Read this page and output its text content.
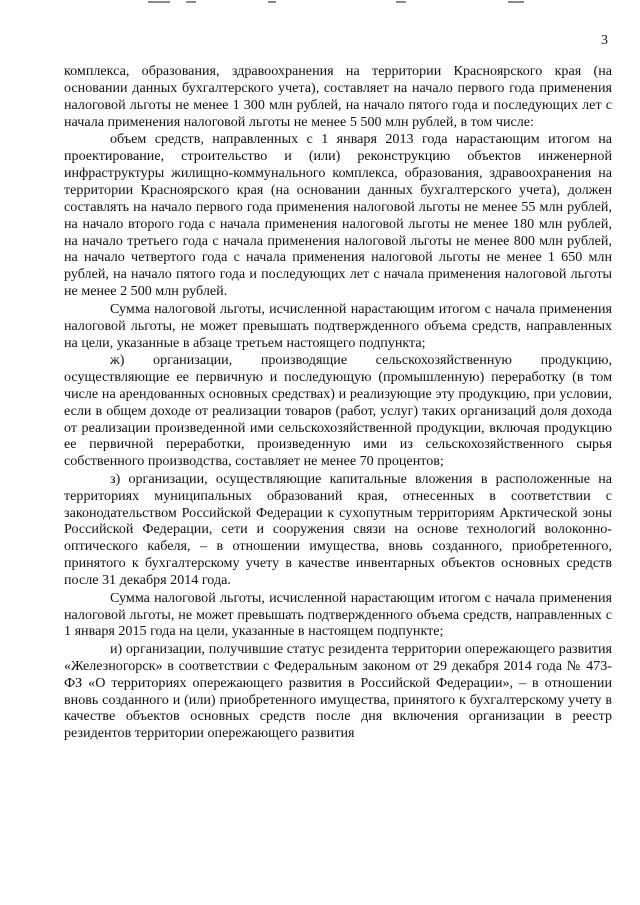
3

комплекса, образования, здравоохранения на территории Красноярского края (на основании данных бухгалтерского учета), составляет на начало первого года применения налоговой льготы не менее 1 300 млн рублей, на начало пятого года и последующих лет с начала применения налоговой льготы не менее 5 500 млн рублей, в том числе:

объем средств, направленных с 1 января 2013 года нарастающим итогом на проектирование, строительство и (или) реконструкцию объектов инженерной инфраструктуры жилищно-коммунального комплекса, образования, здравоохранения на территории Красноярского края (на основании данных бухгалтерского учета), должен составлять на начало первого года применения налоговой льготы не менее 55 млн рублей, на начало второго года с начала применения налоговой льготы не менее 180 млн рублей, на начало третьего года с начала применения налоговой льготы не менее 800 млн рублей, на начало четвертого года с начала применения налоговой льготы не менее 1 650 млн рублей, на начало пятого года и последующих лет с начала применения налоговой льготы не менее 2 500 млн рублей.

Сумма налоговой льготы, исчисленной нарастающим итогом с начала применения налоговой льготы, не может превышать подтвержденного объема средств, направленных на цели, указанные в абзаце третьем настоящего подпункта;

ж) организации, производящие сельскохозяйственную продукцию, осуществляющие ее первичную и последующую (промышленную) переработку (в том числе на арендованных основных средствах) и реализующие эту продукцию, при условии, если в общем доходе от реализации товаров (работ, услуг) таких организаций доля дохода от реализации произведенной ими сельскохозяйственной продукции, включая продукцию ее первичной переработки, произведенную ими из сельскохозяйственного сырья собственного производства, составляет не менее 70 процентов;

з) организации, осуществляющие капитальные вложения в расположенные на территориях муниципальных образований края, отнесенных в соответствии с законодательством Российской Федерации к сухопутным территориям Арктической зоны Российской Федерации, сети и сооружения связи на основе технологий волоконно-оптического кабеля, – в отношении имущества, вновь созданного, приобретенного, принятого к бухгалтерскому учету в качестве инвентарных объектов основных средств после 31 декабря 2014 года.

Сумма налоговой льготы, исчисленной нарастающим итогом с начала применения налоговой льготы, не может превышать подтвержденного объема средств, направленных с 1 января 2015 года на цели, указанные в настоящем подпункте;

и) организации, получившие статус резидента территории опережающего развития «Железногорск» в соответствии с Федеральным законом от 29 декабря 2014 года № 473-ФЗ «О территориях опережающего развития в Российской Федерации», – в отношении вновь созданного и (или) приобретенного имущества, принятого к бухгалтерскому учету в качестве объектов основных средств после дня включения организации в реестр резидентов территории опережающего развития
